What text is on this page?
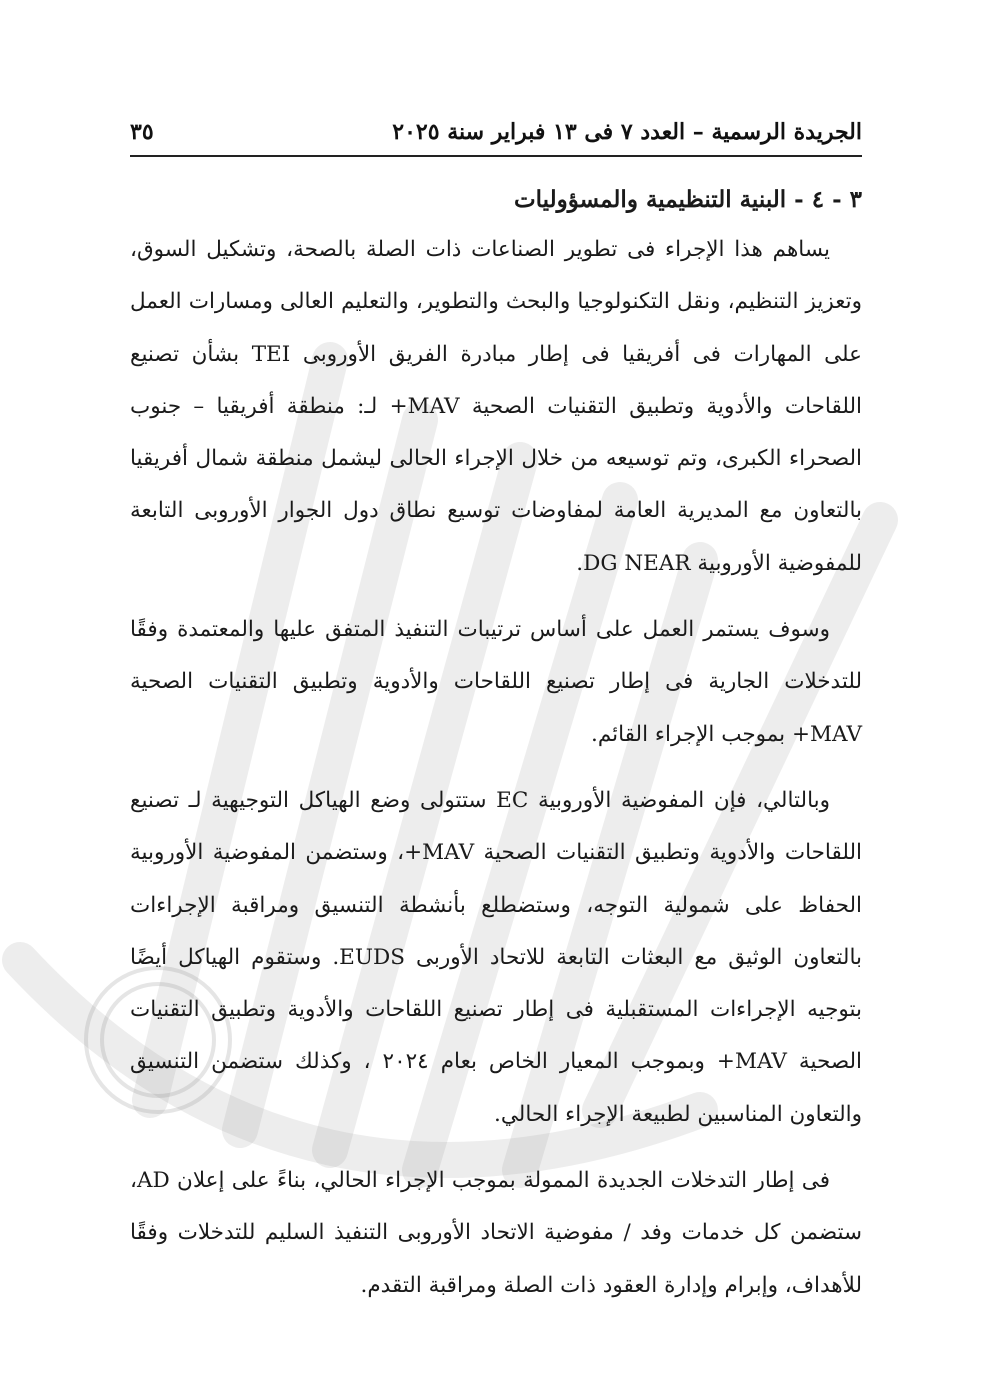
الجريدة الرسمية – العدد ٧ فى ١٣ فبراير سنة ٢٠٢٥
٣٥
٣ - ٤ - البنية التنظيمية والمسؤوليات

يساهم هذا الإجراء فى تطوير الصناعات ذات الصلة بالصحة، وتشكيل السوق، وتعزيز التنظيم، ونقل التكنولوجيا والبحث والتطوير، والتعليم العالى ومسارات العمل على المهارات فى أفريقيا فى إطار مبادرة الفريق الأوروبى TEI بشأن تصنيع اللقاحات والأدوية وتطبيق التقنيات الصحية MAV+ لـ: منطقة أفريقيا – جنوب الصحراء الكبرى، وتم توسيعه من خلال الإجراء الحالى ليشمل منطقة شمال أفريقيا بالتعاون مع المديرية العامة لمفاوضات توسيع نطاق دول الجوار الأوروبى التابعة للمفوضية الأوروبية DG NEAR.

وسوف يستمر العمل على أساس ترتيبات التنفيذ المتفق عليها والمعتمدة وفقًا للتدخلات الجارية فى إطار تصنيع اللقاحات والأدوية وتطبيق التقنيات الصحية MAV+ بموجب الإجراء القائم.

وبالتالي، فإن المفوضية الأوروبية EC ستتولى وضع الهياكل التوجيهية لـ تصنيع اللقاحات والأدوية وتطبيق التقنيات الصحية MAV+، وستضمن المفوضية الأوروبية الحفاظ على شمولية التوجه، وستضطلع بأنشطة التنسيق ومراقبة الإجراءات بالتعاون الوثيق مع البعثات التابعة للاتحاد الأوربى EUDS. وستقوم الهياكل أيضًا بتوجيه الإجراءات المستقبلية فى إطار تصنيع اللقاحات والأدوية وتطبيق التقنيات الصحية MAV+ وبموجب المعيار الخاص بعام ٢٠٢٤ ، وكذلك ستضمن التنسيق والتعاون المناسبين لطبيعة الإجراء الحالي.

فى إطار التدخلات الجديدة الممولة بموجب الإجراء الحالي، بناءً على إعلان AD، ستضمن كل خدمات وفد / مفوضية الاتحاد الأوروبى التنفيذ السليم للتدخلات وفقًا للأهداف، وإبرام وإدارة العقود ذات الصلة ومراقبة التقدم.
